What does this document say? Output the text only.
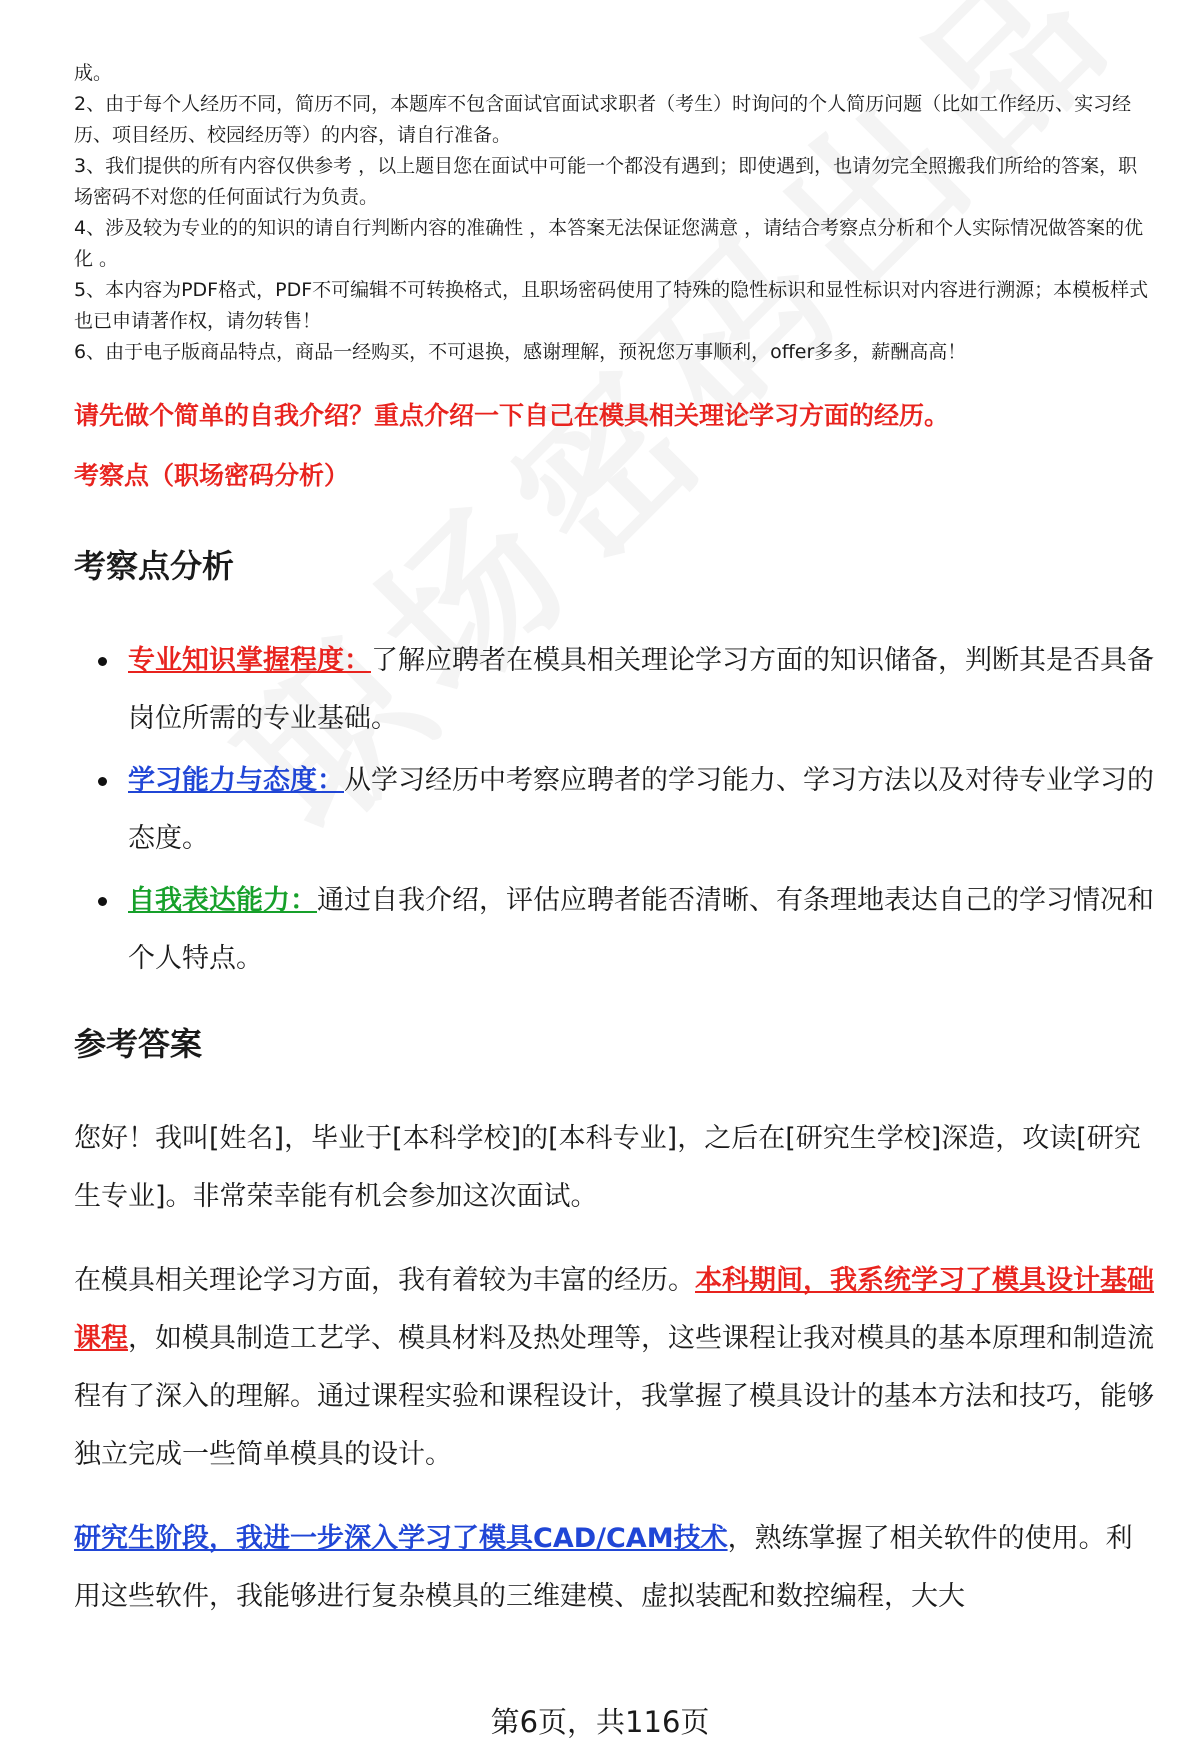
成。

2、由于每个人经历不同，简历不同，本题库不包含面试官面试求职者（考生）时询问的个人简历问题（比如工作经历、实习经历、项目经历、校园经历等）的内容，请自行准备。

3、我们提供的所有内容仅供参考 ，以上题目您在面试中可能一个都没有遇到；即使遇到，也请勿完全照搬我们所给的答案，职场密码不对您的任何面试行为负责。

4、涉及较为专业的的知识的请自行判断内容的准确性 ，本答案无法保证您满意 ，请结合考察点分析和个人实际情况做答案的优化 。

5、本内容为PDF格式，PDF不可编辑不可转换格式，且职场密码使用了特殊的隐性标识和显性标识对内容进行溯源；本模板样式也已申请著作权，请勿转售！

6、由于电子版商品特点，商品一经购买，不可退换，感谢理解，预祝您万事顺利，offer多多，薪酬高高！

请先做个简单的自我介绍？重点介绍一下自己在模具相关理论学习方面的经历。

考察点（职场密码分析）

考察点分析
专业知识掌握程度：了解应聘者在模具相关理论学习方面的知识储备，判断其是否具备岗位所需的专业基础。
学习能力与态度：从学习经历中考察应聘者的学习能力、学习方法以及对待专业学习的态度。
自我表达能力：通过自我介绍，评估应聘者能否清晰、有条理地表达自己的学习情况和个人特点。
参考答案

您好！我叫[姓名]，毕业于[本科学校]的[本科专业]，之后在[研究生学校]深造，攻读[研究生专业]。非常荣幸能有机会参加这次面试。

在模具相关理论学习方面，我有着较为丰富的经历。本科期间，我系统学习了模具设计基础课程，如模具制造工艺学、模具材料及热处理等，这些课程让我对模具的基本原理和制造流程有了深入的理解。通过课程实验和课程设计，我掌握了模具设计的基本方法和技巧，能够独立完成一些简单模具的设计。

研究生阶段，我进一步深入学习了模具CAD/CAM技术，熟练掌握了相关软件的使用。利用这些软件，我能够进行复杂模具的三维建模、虚拟装配和数控编程，大大

第6页，共116页
